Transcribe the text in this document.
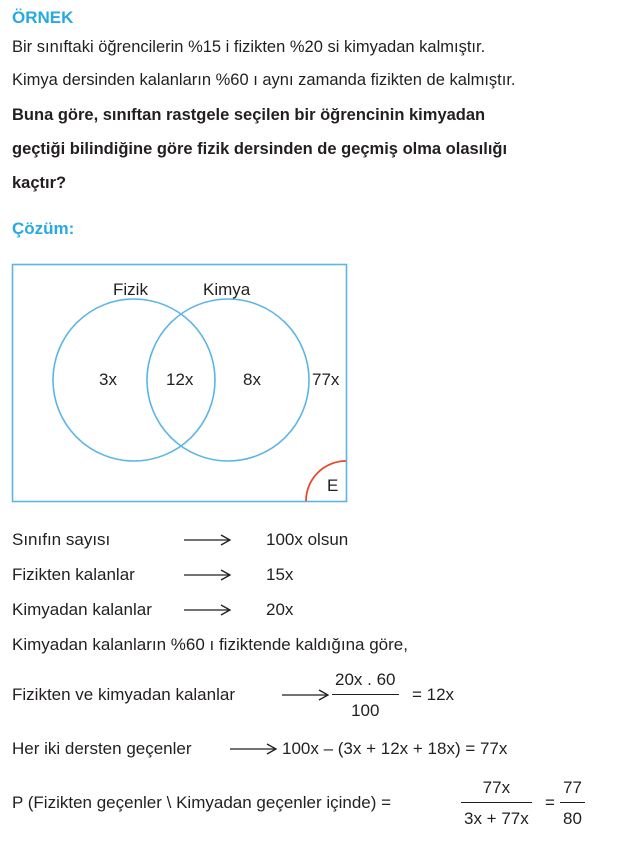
ÖRNEK
Bir sınıftaki öğrencilerin %15 i fizikten %20 si kimyadan kalmıştır.
Kimya dersinden kalanların %60 ı aynı zamanda fizikten de kalmıştır.
Buna göre, sınıftan rastgele seçilen bir öğrencinin kimyadan
geçtiği bilindiğine göre fizik dersinden de geçmiş olma olasılığı
kaçtır?
Çözüm:
Fizik	Kimya
3x	12x	8x	77x
E
Sınıfın sayısı	100x olsun
Fizikten kalanlar	15x
Kimyadan kalanlar	20x
Kimyadan kalanların %60 ı fiziktende kaldığına göre,
Fizikten ve kimyadan kalanlar
20x . 60
100
= 12x
Her iki dersten geçenler	100x – (3x + 12x + 18x) = 77x
P (Fizikten geçenler \ Kimyadan geçenler içinde) =
77x
3x + 77x
=
77
80
